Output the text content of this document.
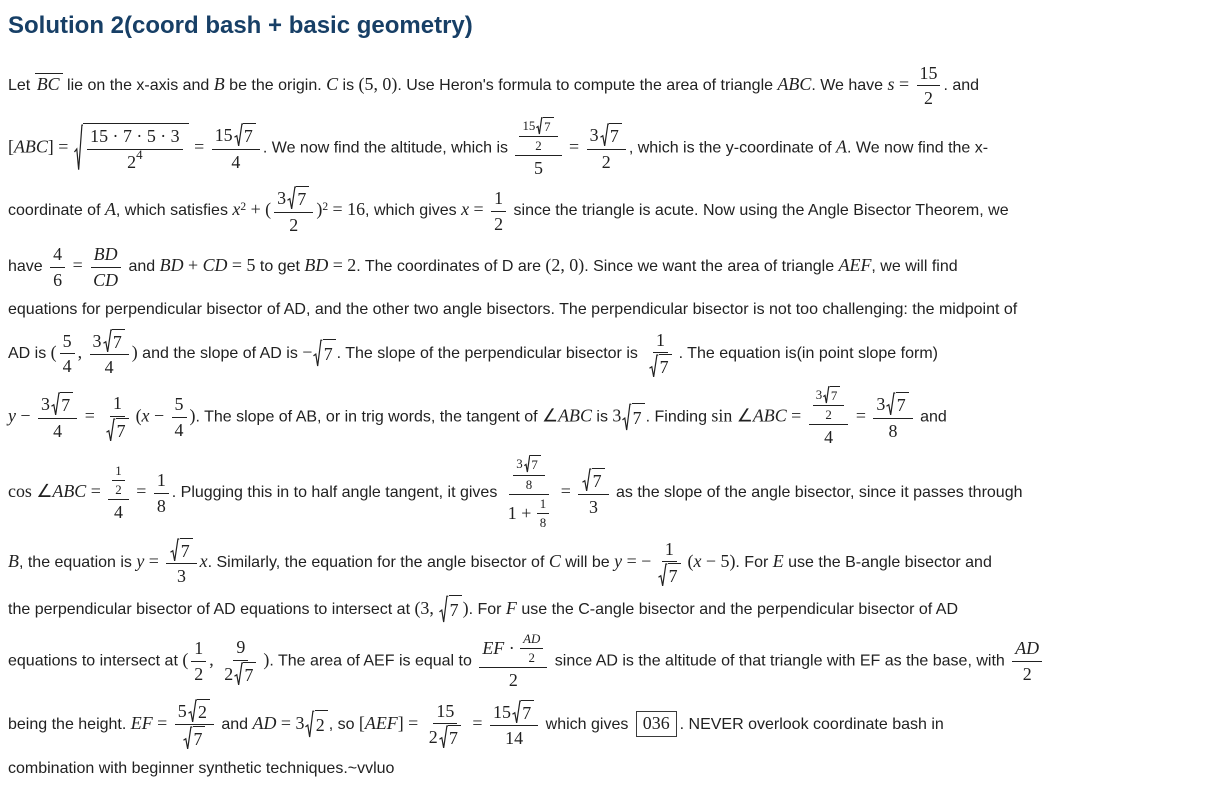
Solution 2(coord bash + basic geometry)
Let BC lie on the x-axis and B be the origin. C is (5, 0). Use Heron's formula to compute the area of triangle ABC. We have $s = \frac{15}{2}$ . and
$[ABC] = \frac{15 \cdot 7 \cdot 5 \cdot 3}{2^4} = \frac{15 7}{4}$ . We now find the altitude, which is $\frac{\frac{15 7}{2}}{5} = \frac{3 7}{2}$ , which is the y-coordinate of A. We now find the x-
coordinate of A, which satisfies $x^2$ + ( $\frac{3 7}{2} )^2 = 16$, which gives $x = \frac{1}{2}$ since the triangle is acute. Now using the Angle Bisector Theorem, we
have $\frac{4}{6} = \frac{BD}{CD}$ and BD + CD = 5 to get BD = 2. The coordinates of D are (2, 0). Since we want the area of triangle AEF, we will find
equations for perpendicular bisector of AD, and the other two angle bisectors. The perpendicular bisector is not too challenging: the midpoint of
AD is ( $\frac{5}{4}$ , $\frac{3 7}{4}$ ) and the slope of AD is − 7 . The slope of the perpendicular bisector is $\frac{1}{7}$ . The equation is(in point slope form)
$y - \frac{3 7}{4} = \frac{1}{7} (x - \frac{5}{4}$ ). The slope of AB, or in trig words, the tangent of ∠ABC is 3 7 . Finding sin ∠ABC = $\frac{\frac{3 7}{2}}{4} = \frac{3 7}{8}$ and
cos ∠ABC = $\frac{\frac{1}{2}}{4} = \frac{1}{8}$ . Plugging this in to half angle tangent, it gives $\frac{\frac{3 7}{8}}{1 + \frac{1}{8}} = \frac{7}{3}$ as the slope of the angle bisector, since it passes through
B, the equation is $y = \frac{7}{3} x$. Similarly, the equation for the angle bisector of C will be y = − $\frac{1}{7} (x - 5)$. For E use the B-angle bisector and
the perpendicular bisector of AD equations to intersect at (3, 7 ). For F use the C-angle bisector and the perpendicular bisector of AD
equations to intersect at ( $\frac{1}{2}$ , $\frac{9}{2 7}$ ). The area of AEF is equal to $\frac{EF \cdot \frac{AD}{2}}{2}$ since AD is the altitude of that triangle with EF as the base, with $\frac{AD}{2}$
being the height. EF = $\frac{5 2}{7}$ and AD = 3 2 , so $[AEF] = \frac{15}{2 7} = \frac{15 7}{14}$ which gives 036 . NEVER overlook coordinate bash in
combination with beginner synthetic techniques.~vvluo
